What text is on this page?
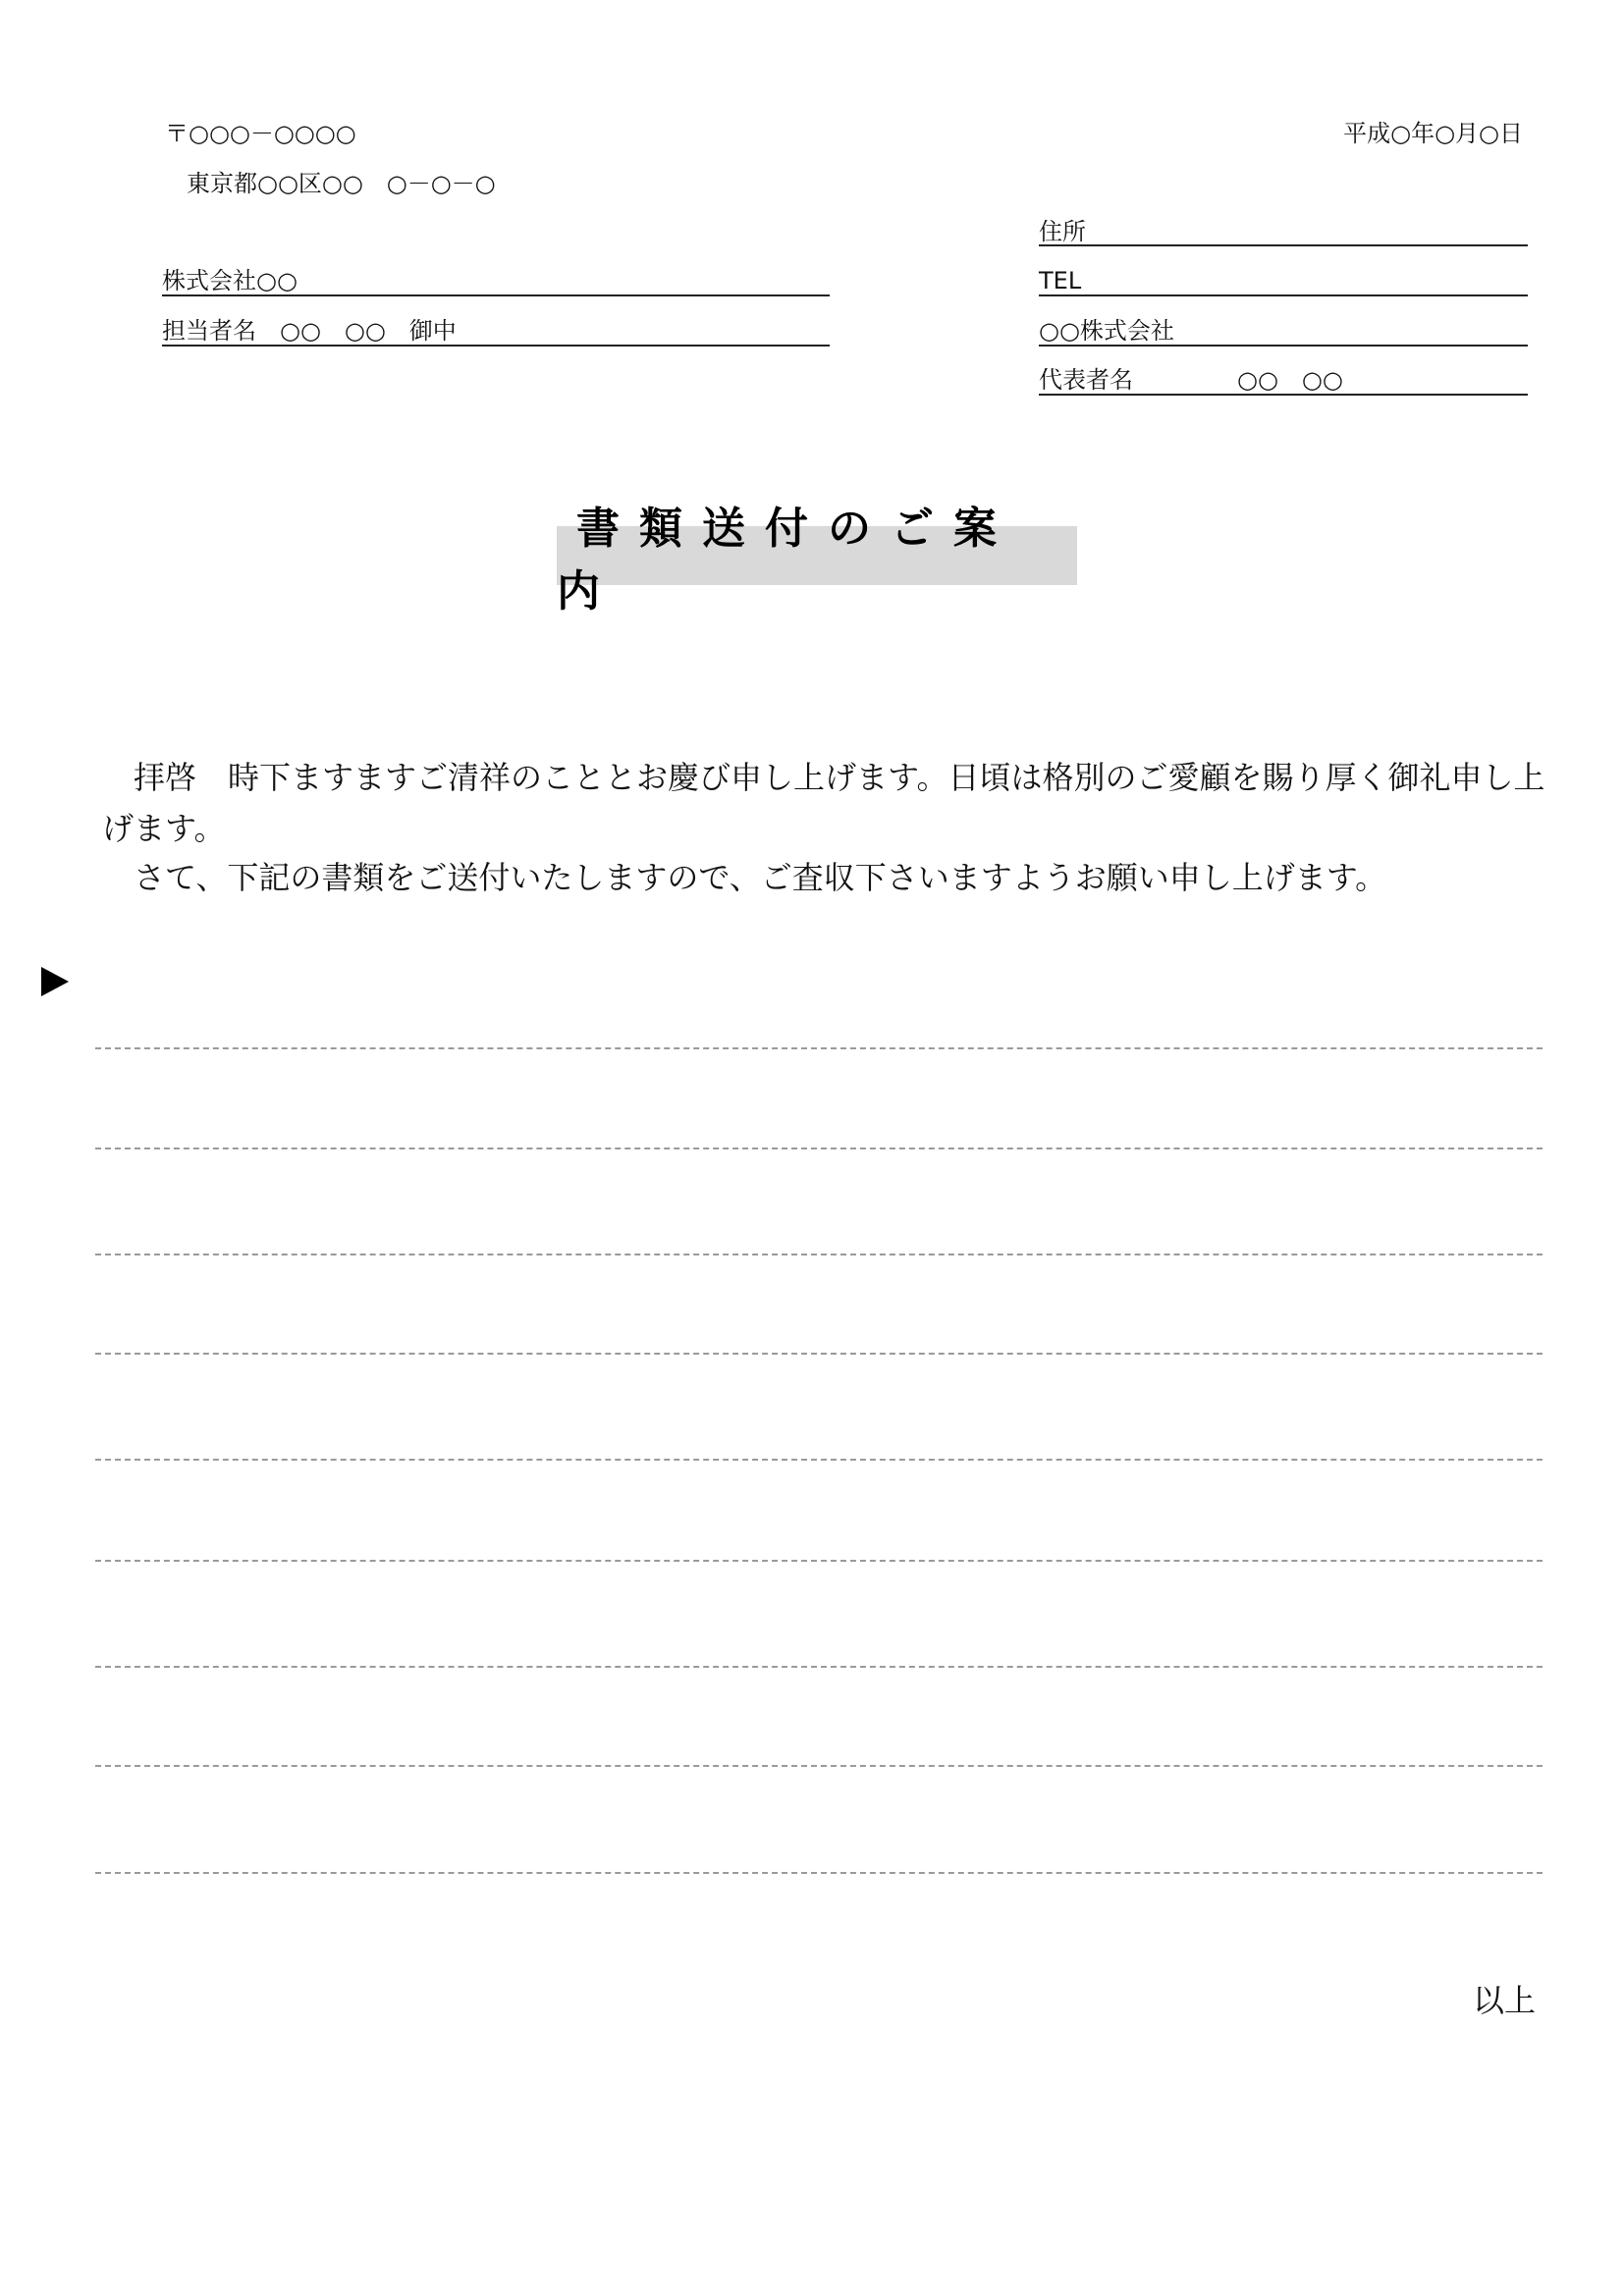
〒○○○－○○○○
東京都○○区○○　○－○－○
平成○年○月○日
株式会社○○
担当者名　○○　○○　御中
住所
TEL
○○株式会社
代表者名	○○　○○
書類送付のご案内
拝啓　時下ますますご清祥のこととお慶び申し上げます。日頃は格別のご愛顧を賜り厚く御礼申し上げます。
さて、下記の書類をご送付いたしますので、ご査収下さいますようお願い申し上げます。
以上
